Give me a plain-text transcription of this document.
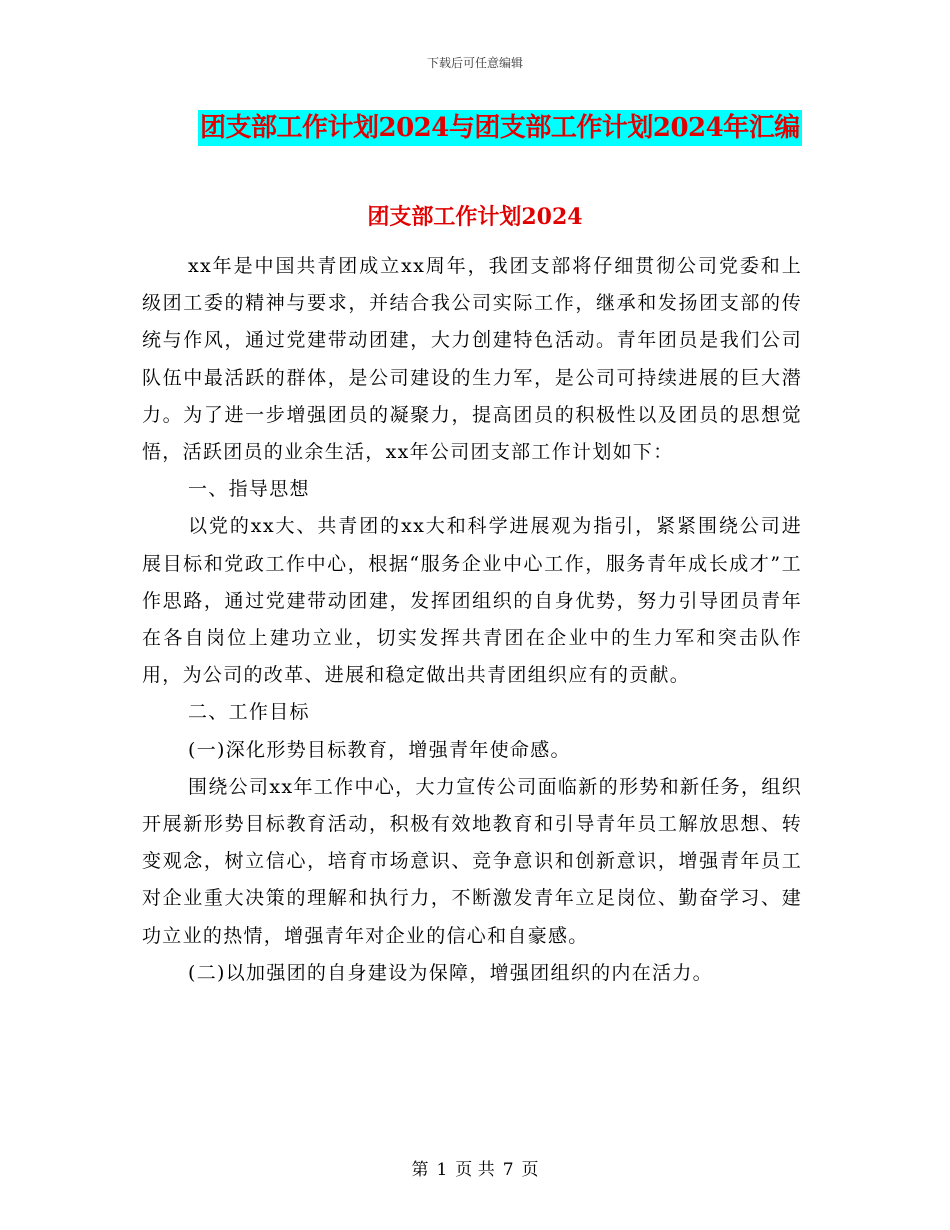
下载后可任意编辑
团支部工作计划2024与团支部工作计划2024年汇编
团支部工作计划2024

xx年是中国共青团成立xx周年，我团支部将仔细贯彻公司党委和上级团工委的精神与要求，并结合我公司实际工作，继承和发扬团支部的传统与作风，通过党建带动团建，大力创建特色活动。青年团员是我们公司队伍中最活跃的群体，是公司建设的生力军，是公司可持续进展的巨大潜力。为了进一步增强团员的凝聚力，提高团员的积极性以及团员的思想觉悟，活跃团员的业余生活，xx年公司团支部工作计划如下：

一、指导思想

以党的xx大、共青团的xx大和科学进展观为指引，紧紧围绕公司进展目标和党政工作中心，根据“服务企业中心工作，服务青年成长成才”工作思路，通过党建带动团建，发挥团组织的自身优势，努力引导团员青年在各自岗位上建功立业，切实发挥共青团在企业中的生力军和突击队作用，为公司的改革、进展和稳定做出共青团组织应有的贡献。

二、工作目标

(一)深化形势目标教育，增强青年使命感。

围绕公司xx年工作中心，大力宣传公司面临新的形势和新任务，组织开展新形势目标教育活动，积极有效地教育和引导青年员工解放思想、转变观念，树立信心，培育市场意识、竞争意识和创新意识，增强青年员工对企业重大决策的理解和执行力，不断激发青年立足岗位、勤奋学习、建功立业的热情，增强青年对企业的信心和自豪感。

(二)以加强团的自身建设为保障，增强团组织的内在活力。

第 1 页 共 7 页
